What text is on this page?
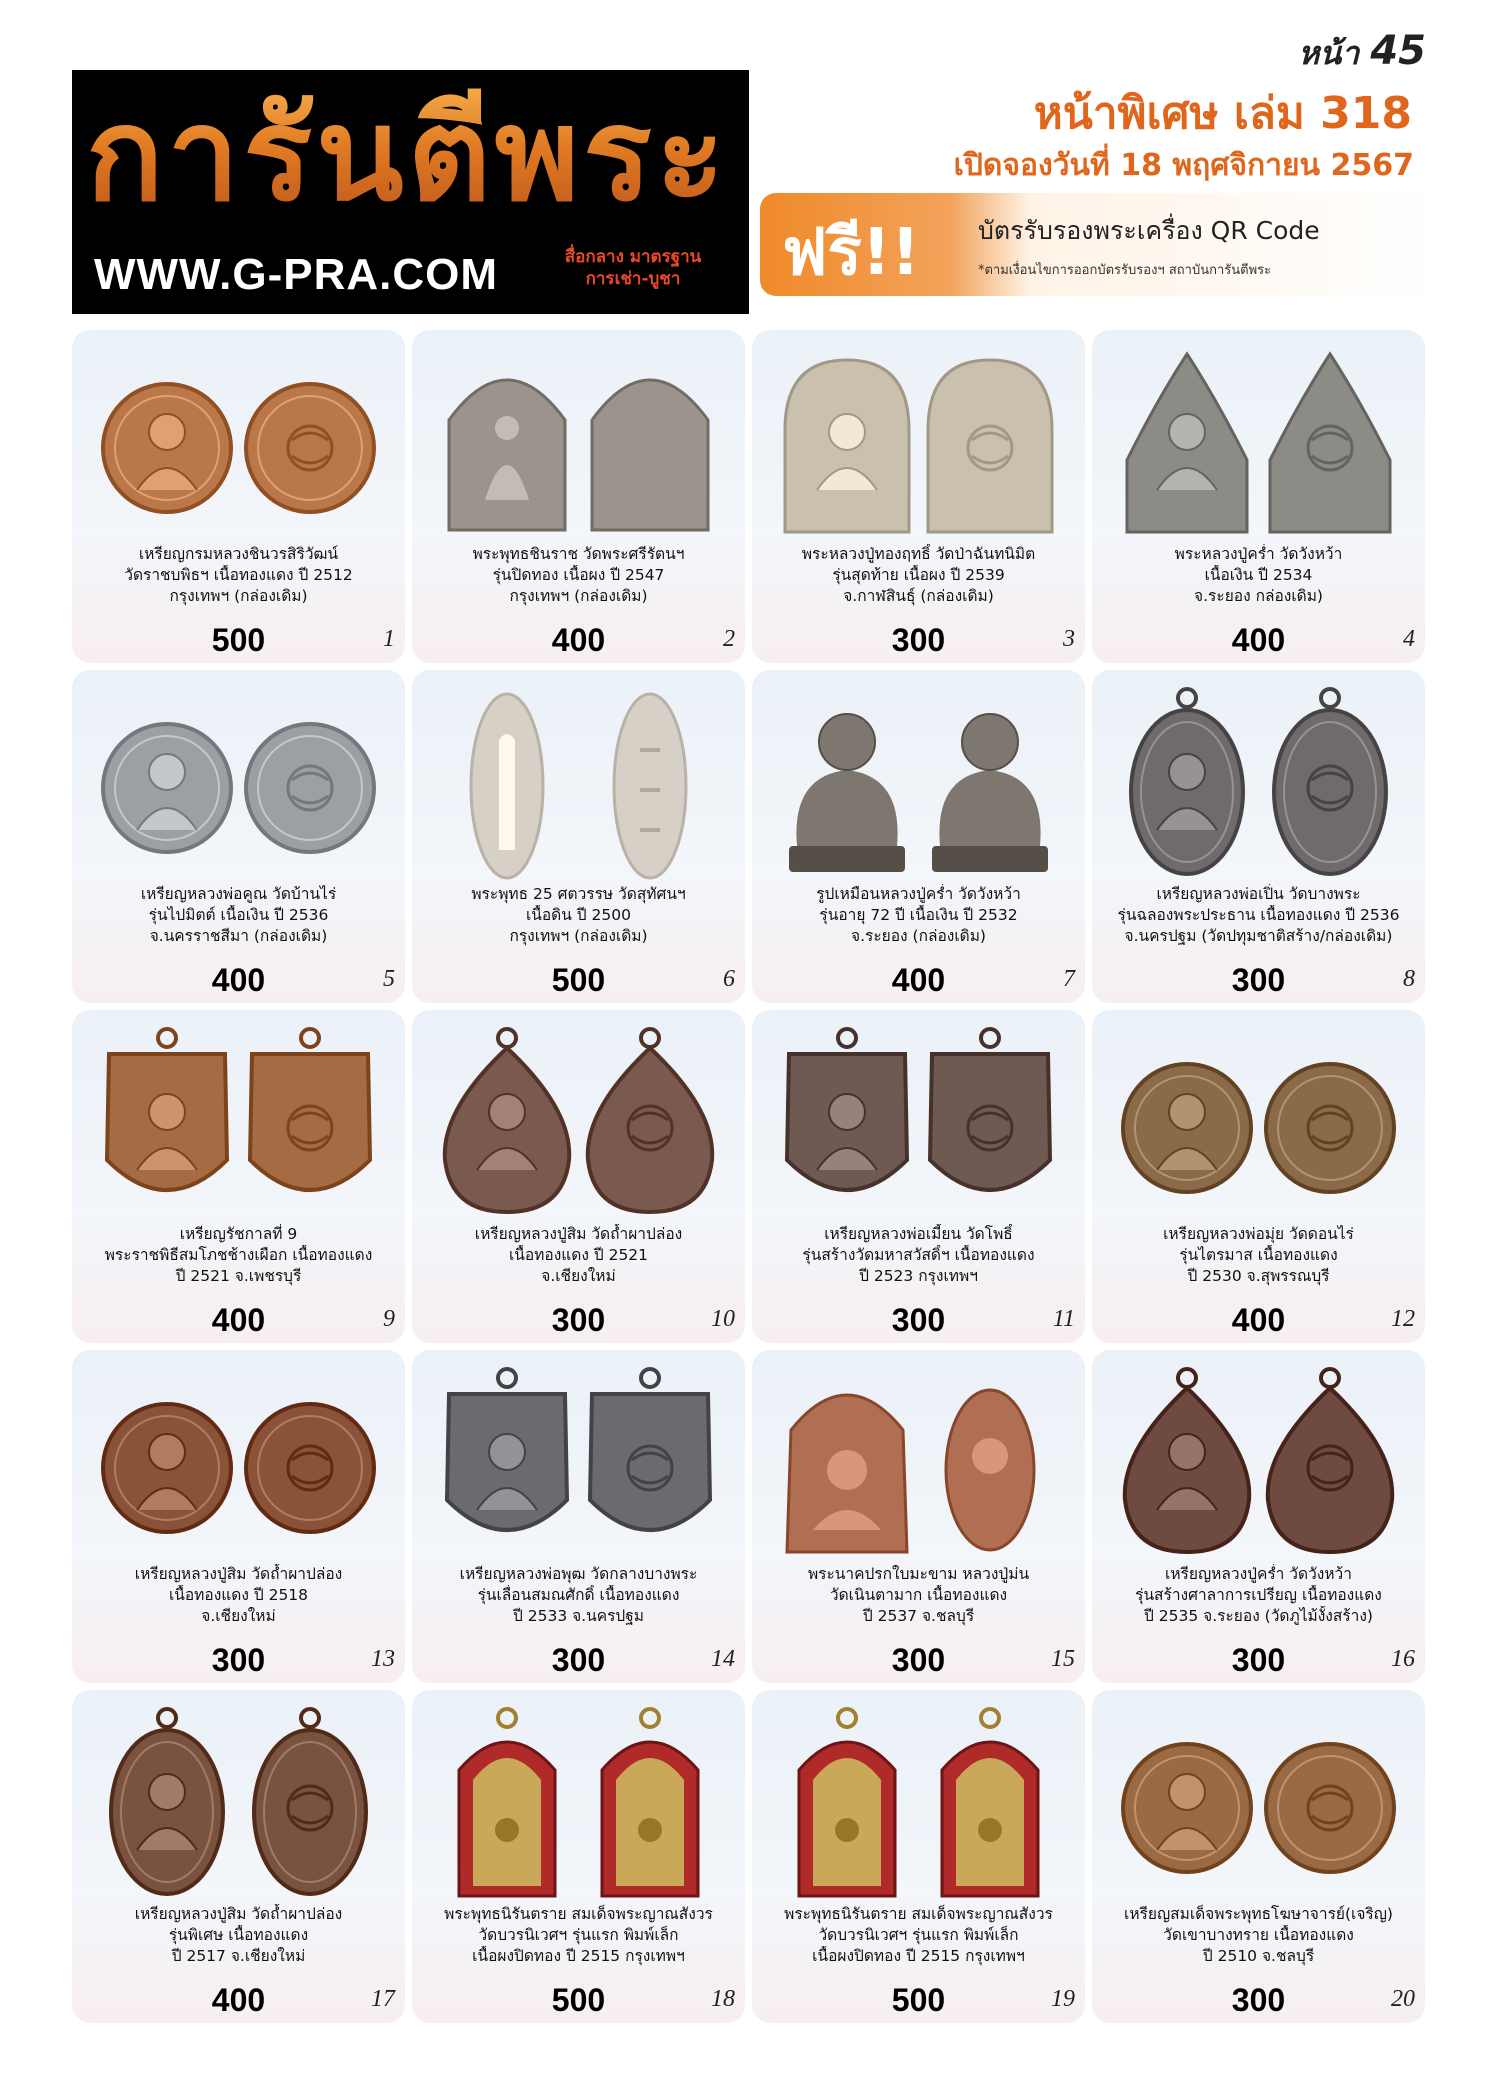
การันตีพระ
WWW.G-PRA.COM	สื่อกลาง มาตรฐาน
การเช่า-บูชา
หน้า 45
หน้าพิเศษ เล่ม 318
เปิดจองวันที่ 18 พฤศจิกายน 2567
ฟรี!! บัตรรับรองพระเครื่อง QR Code
*ตามเงื่อนไขการออกบัตรรับรองฯ สถาบันการันตีพระ
เหรียญกรมหลวงชินวรสิริวัฒน์
วัดราชบพิธฯ เนื้อทองแดง ปี 2512
กรุงเทพฯ (กล่องเดิม)
500	1
พระพุทธชินราช วัดพระศรีรัตนฯ
รุ่นปิดทอง เนื้อผง ปี 2547
กรุงเทพฯ (กล่องเดิม)
400	2
พระหลวงปู่ทองฤทธิ์ วัดป่าฉันทนิมิต
รุ่นสุดท้าย เนื้อผง ปี 2539
จ.กาฬสินธุ์ (กล่องเดิม)
300	3
พระหลวงปู่คร่ำ วัดวังหว้า
เนื้อเงิน ปี 2534
จ.ระยอง กล่องเดิม)
400	4
เหรียญหลวงพ่อคูณ วัดบ้านไร่
รุ่นไปมิตต์ เนื้อเงิน ปี 2536
จ.นครราชสีมา (กล่องเดิม)
400	5
พระพุทธ 25 ศตวรรษ วัดสุทัศนฯ
เนื้อดิน ปี 2500
กรุงเทพฯ (กล่องเดิม)
500	6
รูปเหมือนหลวงปู่คร่ำ วัดวังหว้า
รุ่นอายุ 72 ปี เนื้อเงิน ปี 2532
จ.ระยอง (กล่องเดิม)
400	7
เหรียญหลวงพ่อเปิ่น วัดบางพระ
รุ่นฉลองพระประธาน เนื้อทองแดง ปี 2536
จ.นครปฐม (วัดปทุมชาติสร้าง/กล่องเดิม)
300	8
เหรียญรัชกาลที่ 9
พระราชพิธีสมโภชช้างเผือก เนื้อทองแดง
ปี 2521 จ.เพชรบุรี
400	9
เหรียญหลวงปู่สิม วัดถ้ำผาปล่อง
เนื้อทองแดง ปี 2521
จ.เชียงใหม่
300	10
เหรียญหลวงพ่อเมี้ยน วัดโพธิ์
รุ่นสร้างวัดมหาสวัสดิ์ฯ เนื้อทองแดง
ปี 2523 กรุงเทพฯ
300	11
เหรียญหลวงพ่อมุ่ย วัดดอนไร่
รุ่นไตรมาส เนื้อทองแดง
ปี 2530 จ.สุพรรณบุรี
400	12
เหรียญหลวงปู่สิม วัดถ้ำผาปล่อง
เนื้อทองแดง ปี 2518
จ.เชียงใหม่
300	13
เหรียญหลวงพ่อพุฒ วัดกลางบางพระ
รุ่นเลื่อนสมณศักดิ์ เนื้อทองแดง
ปี 2533 จ.นครปฐม
300	14
พระนาคปรกใบมะขาม หลวงปู่ม่น
วัดเนินตามาก เนื้อทองแดง
ปี 2537 จ.ชลบุรี
300	15
เหรียญหลวงปู่คร่ำ วัดวังหว้า
รุ่นสร้างศาลาการเปรียญ เนื้อทองแดง
ปี 2535 จ.ระยอง (วัดภูไม้งั้งสร้าง)
300	16
เหรียญหลวงปู่สิม วัดถ้ำผาปล่อง
รุ่นพิเศษ เนื้อทองแดง
ปี 2517 จ.เชียงใหม่
400	17
พระพุทธนิรันตราย สมเด็จพระญาณสังวร
วัดบวรนิเวศฯ รุ่นแรก พิมพ์เล็ก
เนื้อผงปิดทอง ปี 2515 กรุงเทพฯ
500	18
พระพุทธนิรันตราย สมเด็จพระญาณสังวร
วัดบวรนิเวศฯ รุ่นแรก พิมพ์เล็ก
เนื้อผงปิดทอง ปี 2515 กรุงเทพฯ
500	19
เหรียญสมเด็จพระพุทธโฆษาจารย์(เจริญ)
วัดเขาบางทราย เนื้อทองแดง
ปี 2510 จ.ชลบุรี
300	20
